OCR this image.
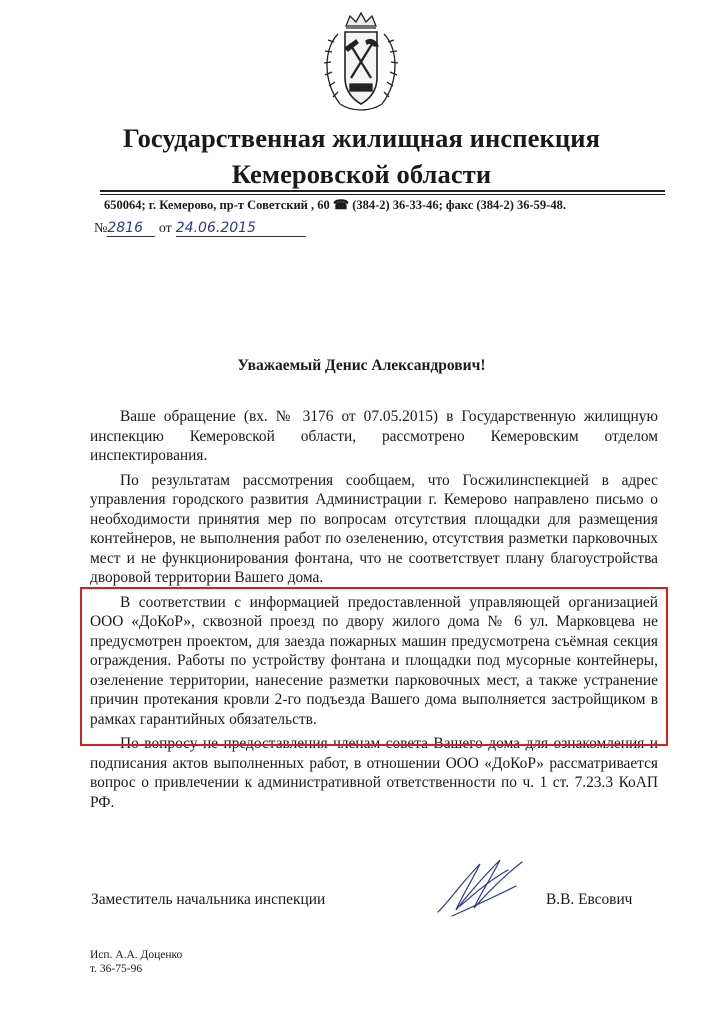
Государственная жилищная инспекция
Кемеровской области
650064; г. Кемерово, пр-т Советский , 60 ☎ (384-2) 36-33-46; факс (384-2) 36-59-48.
№2816 от 24.06.2015
Уважаемый Денис Александрович!

Ваше обращение (вх. № 3176 от 07.05.2015) в Государственную жилищную инспекцию Кемеровской области, рассмотрено Кемеровским отделом инспектирования.

По результатам рассмотрения сообщаем, что Госжилинспекцией в адрес управления городского развития Администрации г. Кемерово направлено письмо о необходимости принятия мер по вопросам отсутствия площадки для размещения контейнеров, не выполнения работ по озеленению, отсутствия разметки парковочных мест и не функционирования фонтана, что не соответствует плану благоустройства дворовой территории Вашего дома.

В соответствии с информацией предоставленной управляющей организацией ООО «ДоКоР», сквозной проезд по двору жилого дома № 6 ул. Марковцева не предусмотрен проектом, для заезда пожарных машин предусмотрена съёмная секция ограждения. Работы по устройству фонтана и площадки под мусорные контейнеры, озеленение территории, нанесение разметки парковочных мест, а также устранение причин протекания кровли 2-го подъезда Вашего дома выполняется застройщиком в рамках гарантийных обязательств.

По вопросу не предоставления членам совета Вашего дома для ознакомления и подписания актов выполненных работ, в отношении ООО «ДоКоР» рассматривается вопрос о привлечении к административной ответственности по ч. 1 ст. 7.23.3 КоАП РФ.

Заместитель начальника инспекции	В.В. Евсович
Исп. А.А. Доценко
т. 36-75-96
